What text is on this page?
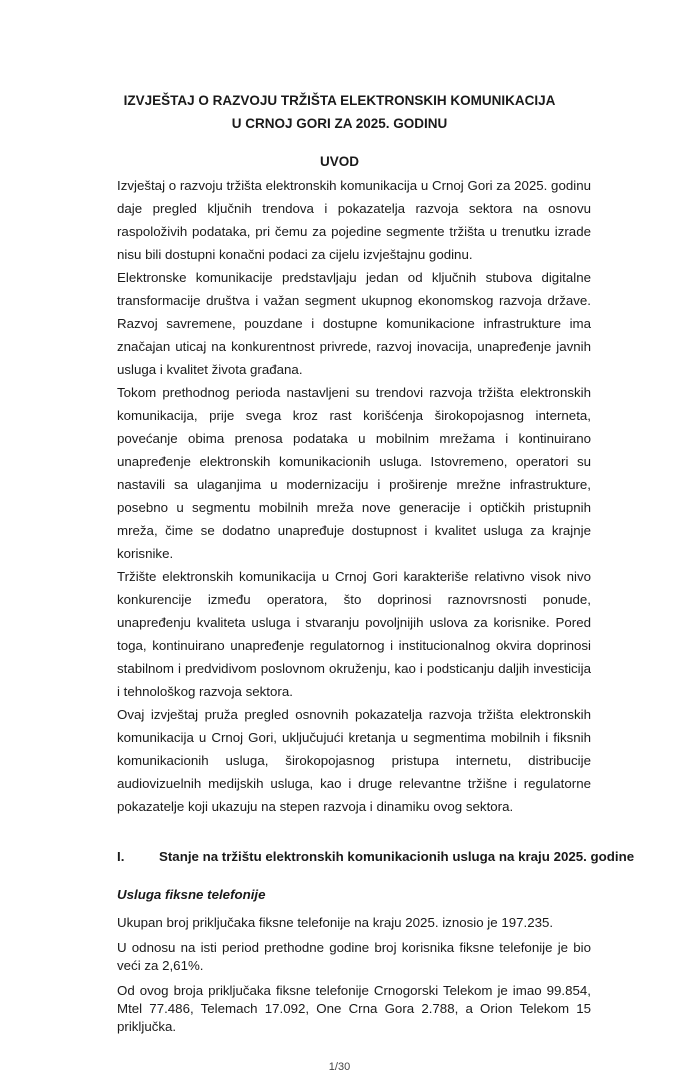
IZVJEŠTAJ O RAZVOJU TRŽIŠTA ELEKTRONSKIH KOMUNIKACIJA
U CRNOJ GORI ZA 2025. GODINU
UVOD

Izvještaj o razvoju tržišta elektronskih komunikacija u Crnoj Gori za 2025. godinu daje pregled ključnih trendova i pokazatelja razvoja sektora na osnovu raspoloživih podataka, pri čemu za pojedine segmente tržišta u trenutku izrade nisu bili dostupni konačni podaci za cijelu izvještajnu godinu.

Elektronske komunikacije predstavljaju jedan od ključnih stubova digitalne transformacije društva i važan segment ukupnog ekonomskog razvoja države. Razvoj savremene, pouzdane i dostupne komunikacione infrastrukture ima značajan uticaj na konkurentnost privrede, razvoj inovacija, unapređenje javnih usluga i kvalitet života građana.

Tokom prethodnog perioda nastavljeni su trendovi razvoja tržišta elektronskih komunikacija, prije svega kroz rast korišćenja širokopojasnog interneta, povećanje obima prenosa podataka u mobilnim mrežama i kontinuirano unapređenje elektronskih komunikacionih usluga. Istovremeno, operatori su nastavili sa ulaganjima u modernizaciju i proširenje mrežne infrastrukture, posebno u segmentu mobilnih mreža nove generacije i optičkih pristupnih mreža, čime se dodatno unapređuje dostupnost i kvalitet usluga za krajnje korisnike.

Tržište elektronskih komunikacija u Crnoj Gori karakteriše relativno visok nivo konkurencije između operatora, što doprinosi raznovrsnosti ponude, unapređenju kvaliteta usluga i stvaranju povoljnijih uslova za korisnike. Pored toga, kontinuirano unapređenje regulatornog i institucionalnog okvira doprinosi stabilnom i predvidivom poslovnom okruženju, kao i podsticanju daljih investicija i tehnološkog razvoja sektora.

Ovaj izvještaj pruža pregled osnovnih pokazatelja razvoja tržišta elektronskih komunikacija u Crnoj Gori, uključujući kretanja u segmentima mobilnih i fiksnih komunikacionih usluga, širokopojasnog pristupa internetu, distribucije audiovizuelnih medijskih usluga, kao i druge relevantne tržišne i regulatorne pokazatelje koji ukazuju na stepen razvoja i dinamiku ovog sektora.

I.	Stanje na tržištu elektronskih komunikacionih usluga na kraju 2025. godine
Usluga fiksne telefonije

Ukupan broj priključaka fiksne telefonije na kraju 2025. iznosio je 197.235.

U odnosu na isti period prethodne godine broj korisnika fiksne telefonije je bio veći za 2,61%.

Od ovog broja priključaka fiksne telefonije Crnogorski Telekom je imao 99.854, Mtel 77.486, Telemach 17.092, One Crna Gora 2.788, a Orion Telekom 15 priključka.

1/30
